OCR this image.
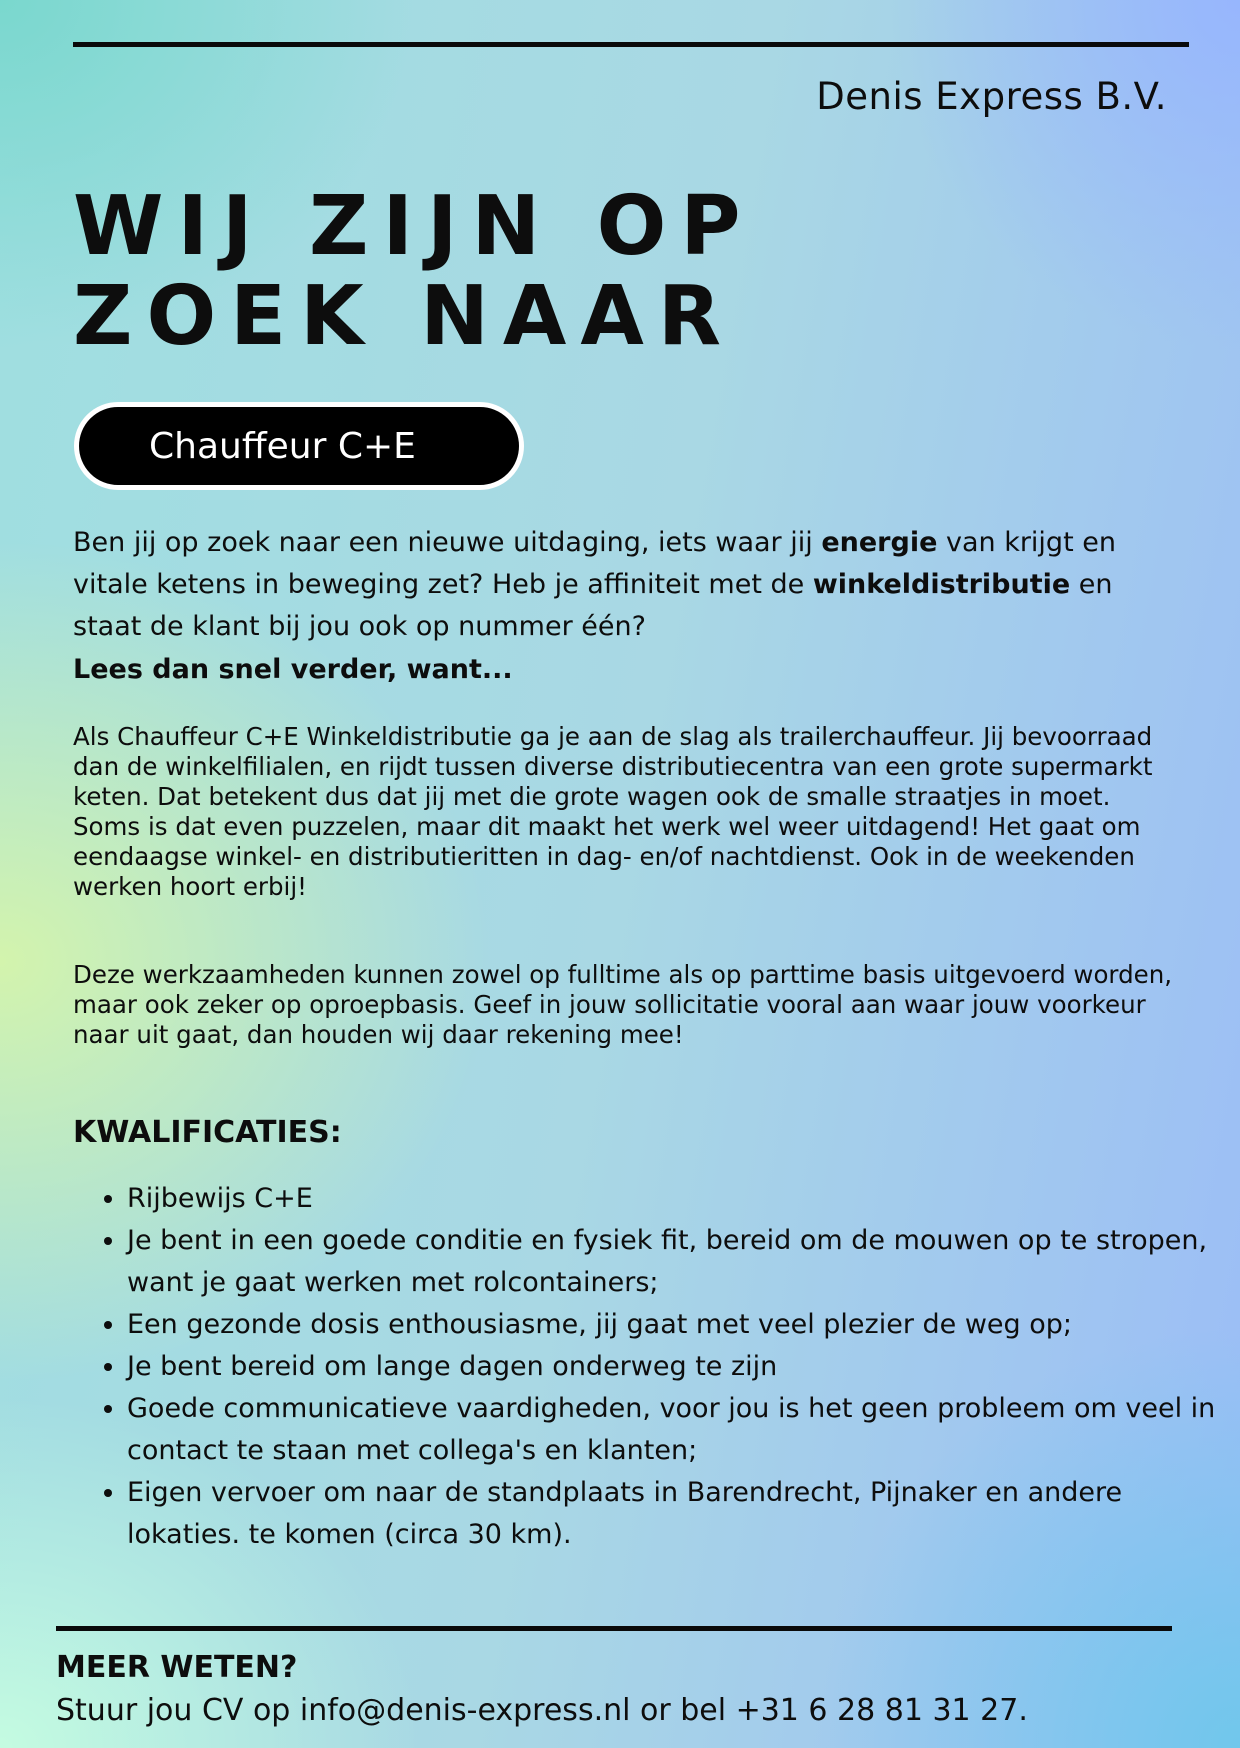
Denis Express B.V.
WIJ ZIJN OP
ZOEK NAAR
Chauffeur C+E

Ben jij op zoek naar een nieuwe uitdaging, iets waar jij energie van krijgt en vitale ketens in beweging zet? Heb je affiniteit met de winkeldistributie en staat de klant bij jou ook op nummer één?
Lees dan snel verder, want...

Als Chauffeur C+E Winkeldistributie ga je aan de slag als trailerchauffeur. Jij bevoorraad dan de winkelfilialen, en rijdt tussen diverse distributiecentra van een grote supermarkt keten. Dat betekent dus dat jij met die grote wagen ook de smalle straatjes in moet. Soms is dat even puzzelen, maar dit maakt het werk wel weer uitdagend! Het gaat om eendaagse winkel- en distributieritten in dag- en/of nachtdienst. Ook in de weekenden werken hoort erbij!

Deze werkzaamheden kunnen zowel op fulltime als op parttime basis uitgevoerd worden, maar ook zeker op oproepbasis. Geef in jouw sollicitatie vooral aan waar jouw voorkeur naar uit gaat, dan houden wij daar rekening mee!

KWALIFICATIES:
• Rijbewijs C+E
• Je bent in een goede conditie en fysiek fit, bereid om de mouwen op te stropen, want je gaat werken met rolcontainers;
• Een gezonde dosis enthousiasme, jij gaat met veel plezier de weg op;
• Je bent bereid om lange dagen onderweg te zijn
• Goede communicatieve vaardigheden, voor jou is het geen probleem om veel in contact te staan met collega's en klanten;
• Eigen vervoer om naar de standplaats in Barendrecht, Pijnaker en andere lokaties. te komen (circa 30 km).
MEER WETEN?

Stuur jou CV op info@denis-express.nl or bel +31 6 28 81 31 27.
